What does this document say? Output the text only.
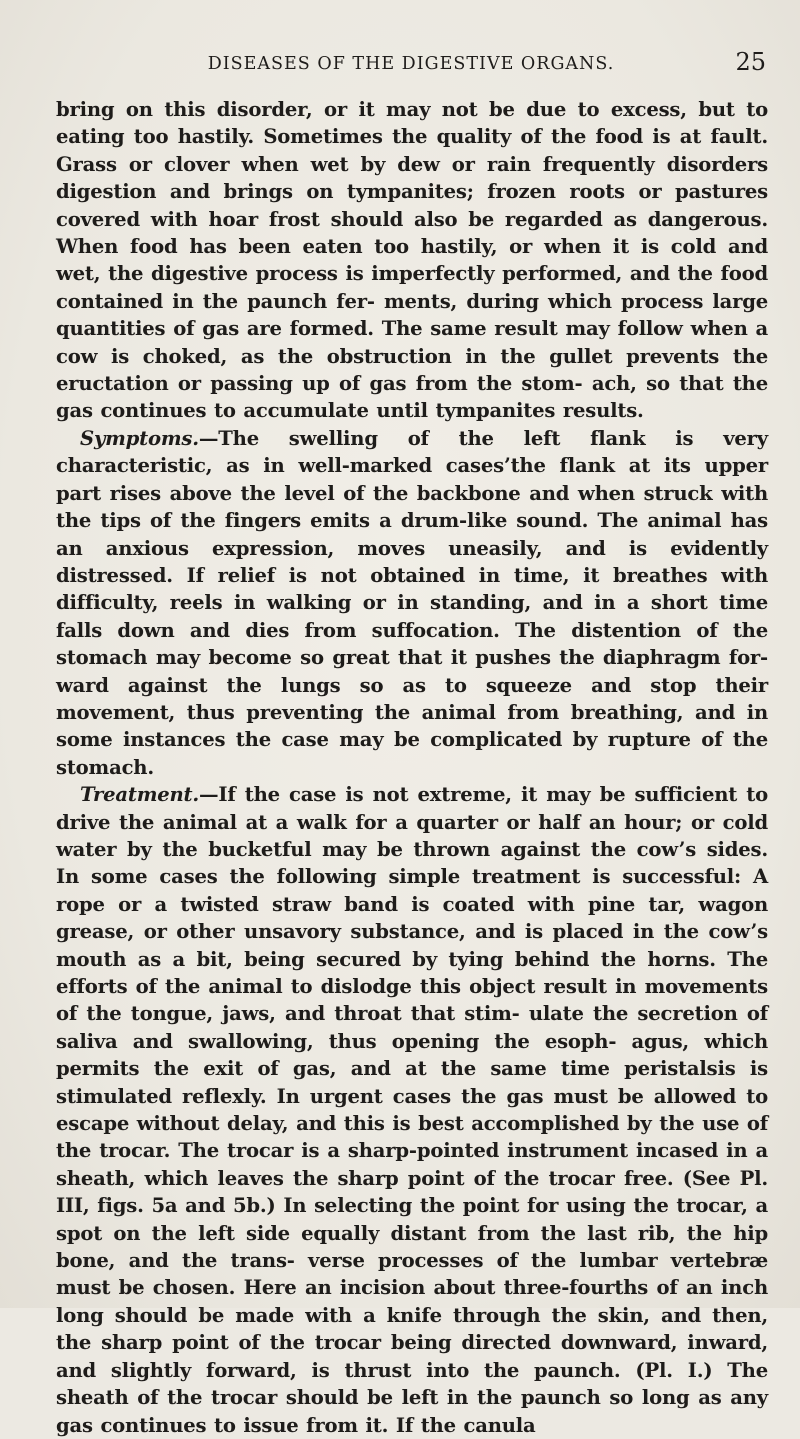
DISEASES OF THE DIGESTIVE ORGANS.	25

bring on this disorder, or it may not be due to excess, but to eating too hastily. Sometimes the quality of the food is at fault. Grass or clover when wet by dew or rain frequently disorders digestion and brings on tympanites; frozen roots or pastures covered with hoar frost should also be regarded as dangerous. When food has been eaten too hastily, or when it is cold and wet, the digestive process is imperfectly performed, and the food contained in the paunch fer- ments, during which process large quantities of gas are formed. The same result may follow when a cow is choked, as the obstruction in the gullet prevents the eructation or passing up of gas from the stom- ach, so that the gas continues to accumulate until tympanites results.

Symptoms.—The swelling of the left flank is very characteristic, as in well-marked cases’the flank at its upper part rises above the level of the backbone and when struck with the tips of the fingers emits a drum-like sound. The animal has an anxious expression, moves uneasily, and is evidently distressed. If relief is not obtained in time, it breathes with difficulty, reels in walking or in standing, and in a short time falls down and dies from suffocation. The distention of the stomach may become so great that it pushes the diaphragm for- ward against the lungs so as to squeeze and stop their movement, thus preventing the animal from breathing, and in some instances the case may be complicated by rupture of the stomach.

Treatment.—If the case is not extreme, it may be sufficient to drive the animal at a walk for a quarter or half an hour; or cold water by the bucketful may be thrown against the cow’s sides. In some cases the following simple treatment is successful: A rope or a twisted straw band is coated with pine tar, wagon grease, or other unsavory substance, and is placed in the cow’s mouth as a bit, being secured by tying behind the horns. The efforts of the animal to dislodge this object result in movements of the tongue, jaws, and throat that stim- ulate the secretion of saliva and swallowing, thus opening the esoph- agus, which permits the exit of gas, and at the same time peristalsis is stimulated reflexly. In urgent cases the gas must be allowed to escape without delay, and this is best accomplished by the use of the trocar. The trocar is a sharp-pointed instrument incased in a sheath, which leaves the sharp point of the trocar free. (See Pl. III, figs. 5a and 5b.) In selecting the point for using the trocar, a spot on the left side equally distant from the last rib, the hip bone, and the trans- verse processes of the lumbar vertebræ must be chosen. Here an incision about three-fourths of an inch long should be made with a knife through the skin, and then, the sharp point of the trocar being directed downward, inward, and slightly forward, is thrust into the paunch. (Pl. I.) The sheath of the trocar should be left in the paunch so long as any gas continues to issue from it. If the canula
